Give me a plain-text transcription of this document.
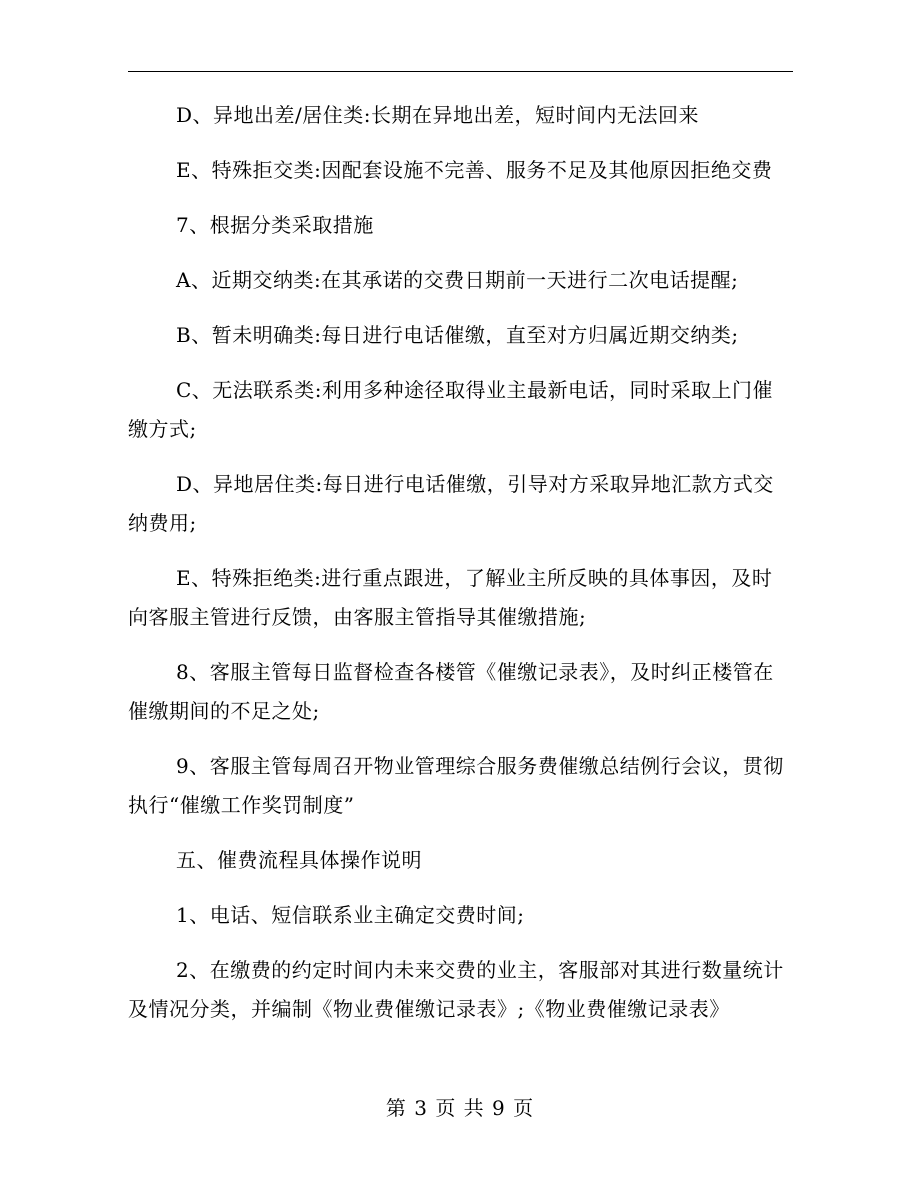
D、异地出差/居住类:长期在异地出差，短时间内无法回来

E、特殊拒交类:因配套设施不完善、服务不足及其他原因拒绝交费

7、根据分类采取措施

A、近期交纳类:在其承诺的交费日期前一天进行二次电话提醒;

B、暂未明确类:每日进行电话催缴，直至对方归属近期交纳类;

C、无法联系类:利用多种途径取得业主最新电话，同时采取上门催缴方式;

D、异地居住类:每日进行电话催缴，引导对方采取异地汇款方式交纳费用;

E、特殊拒绝类:进行重点跟进，了解业主所反映的具体事因，及时向客服主管进行反馈，由客服主管指导其催缴措施;

8、客服主管每日监督检查各楼管《催缴记录表》，及时纠正楼管在催缴期间的不足之处;

9、客服主管每周召开物业管理综合服务费催缴总结例行会议，贯彻执行“催缴工作奖罚制度”

五、催费流程具体操作说明

1、电话、短信联系业主确定交费时间;

2、在缴费的约定时间内未来交费的业主，客服部对其进行数量统计及情况分类，并编制《物业费催缴记录表》;《物业费催缴记录表》

第 3 页 共 9 页
